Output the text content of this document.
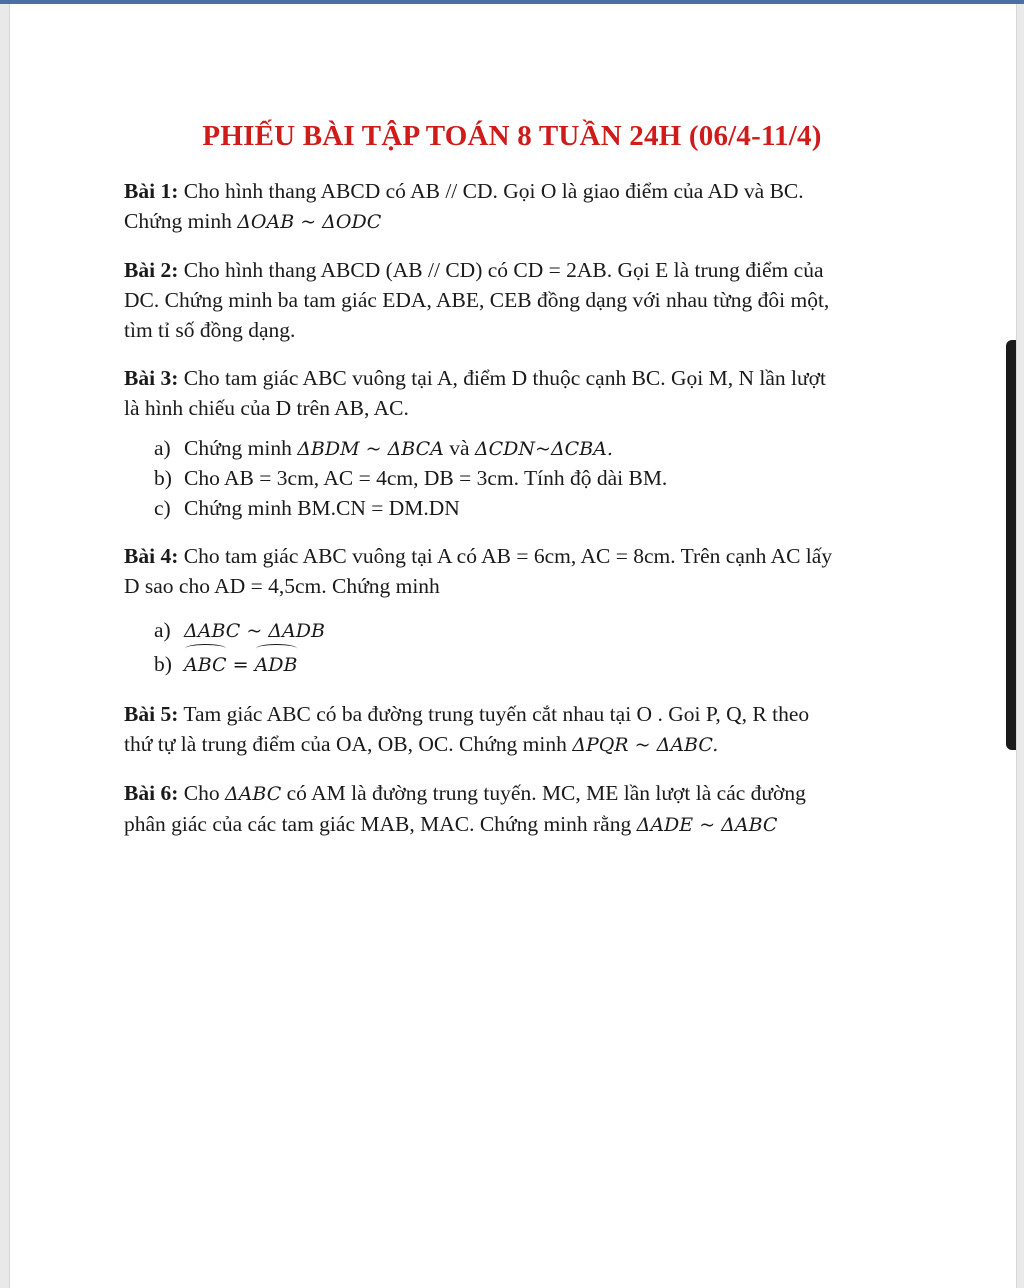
PHIẾU BÀI TẬP TOÁN 8 TUẦN 24H (06/4-11/4)
Bài 1: Cho hình thang ABCD có AB // CD. Gọi O là giao điểm của AD và BC.
Chứng minh ΔOAB ~ ΔODC
Bài 2: Cho hình thang ABCD (AB // CD) có CD = 2AB. Gọi E là trung điểm của
DC. Chứng minh ba tam giác EDA, ABE, CEB đồng dạng với nhau từng đôi một,
tìm tỉ số đồng dạng.
Bài 3: Cho tam giác ABC vuông tại A, điểm D thuộc cạnh BC. Gọi M, N lần lượt
là hình chiếu của D trên AB, AC.
a) Chứng minh ΔBDM ~ ΔBCA và ΔCDN~ΔCBA.
b) Cho AB = 3cm, AC = 4cm, DB = 3cm. Tính độ dài BM.
c) Chứng minh BM.CN = DM.DN
Bài 4: Cho tam giác ABC vuông tại A có AB = 6cm, AC = 8cm. Trên cạnh AC lấy
D sao cho AD = 4,5cm. Chứng minh
a) ΔABC ~ ΔADB
b) ABC = ADB
Bài 5: Tam giác ABC có ba đường trung tuyến cắt nhau tại O . Goi P, Q, R theo
thứ tự là trung điểm của OA, OB, OC. Chứng minh ΔPQR ~ ΔABC.
Bài 6: Cho ΔABC có AM là đường trung tuyến. MC, ME lần lượt là các đường
phân giác của các tam giác MAB, MAC. Chứng minh rằng ΔADE ~ ΔABC
